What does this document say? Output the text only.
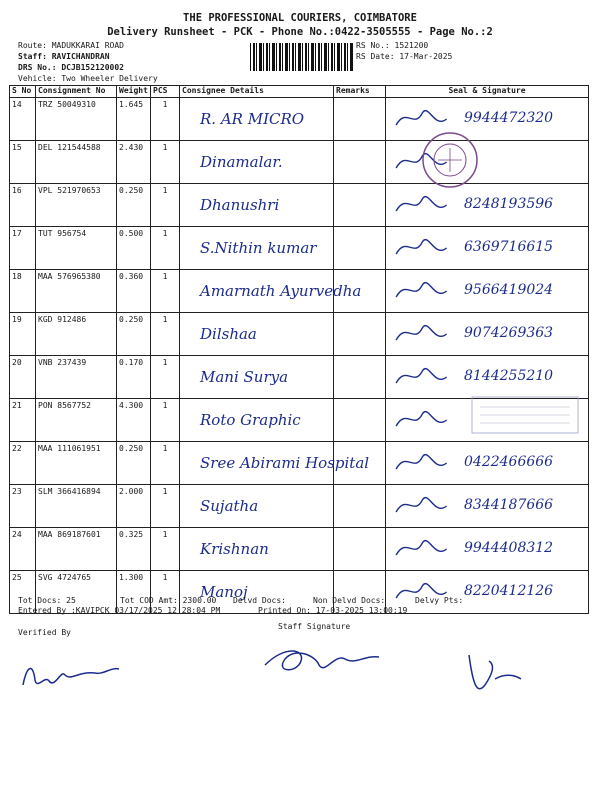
THE PROFESSIONAL COURIERS, COIMBATORE
Delivery Runsheet - PCK - Phone No.:0422-3505555 - Page No.:2
Route: MADUKKARAI ROAD
Staff: RAVICHANDRAN
DRS No.: DCJB152120002
Vehicle: Two Wheeler Delivery
RS No.: 1521200
RS Date: 17-Mar-2025
S No	Consignment No	Weight	PCS	Consignee Details	Remarks	Seal & Signature
14	TRZ 50049310	1.645	1	R. AR MICRO		9944472320

15	DEL 121544588	2.430	1	Dinamalar.

16	VPL 521970653	0.250	1	Dhanushri		8248193596

17	TUT 956754	0.500	1	S.Nithin kumar		6369716615

18	MAA 576965380	0.360	1	Amarnath Ayurvedha		9566419024

19	KGD 912486	0.250	1	Dilshaa		9074269363

20	VNB 237439	0.170	1	Mani Surya		8144255210

21	PON 8567752	4.300	1	Roto Graphic

22	MAA 111061951	0.250	1	Sree Abirami Hospital		0422466666

23	SLM 366416894	2.000	1	Sujatha		8344187666

24	MAA 869187601	0.325	1	Krishnan		9944408312

25	SVG 4724765	1.300	1	Manoj		8220412126
Tot Docs: 25	Tot COD Amt: 2300.00 Delvd Docs:	Non Delvd Docs:	Delvy Pts:
Entered By :KAVIPCK 03/17/2025 12:28:04 PM	Printed On: 17-03-2025 13:00:19
Verified By
Staff Signature
